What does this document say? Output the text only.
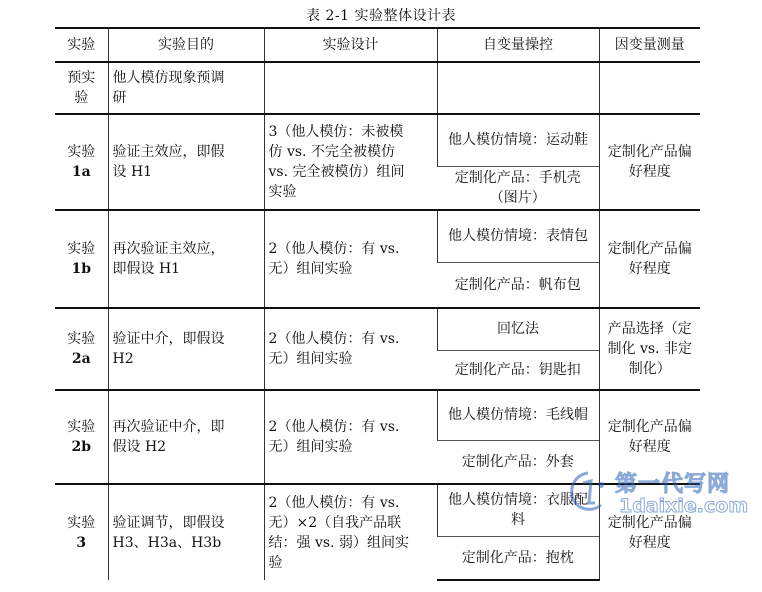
表 2-1 实验整体设计表
实验	实验目的	实验设计	自变量操控	因变量测量
预实验	他人模仿现象预调研			
实验
1a	验证主效应，即假设 H1	3（他人模仿：未被模仿 vs. 不完全被模仿 vs. 完全被模仿）组间实验	他人模仿情境：运动鞋	定制化产品偏好程度
			定制化产品：手机壳（图片）	
实验
1b	再次验证主效应，即假设 H1	2（他人模仿：有 vs. 无）组间实验	他人模仿情境：表情包	定制化产品偏好程度
			定制化产品：帆布包	
实验
2a	验证中介，即假设 H2	2（他人模仿：有 vs. 无）组间实验	回忆法	产品选择（定制化 vs. 非定制化）
			定制化产品：钥匙扣	
实验
2b	再次验证中介，即假设 H2	2（他人模仿：有 vs. 无）组间实验	他人模仿情境：毛线帽	定制化产品偏好程度
			定制化产品：外套	
实验
3	验证调节，即假设 H3、H3a、H3b	2（他人模仿：有 vs. 无）×2（自我产品联结：强 vs. 弱）组间实验	他人模仿情境：衣服配料	定制化产品偏好程度
			定制化产品：抱枕	
第一代写网
1daixie.com
